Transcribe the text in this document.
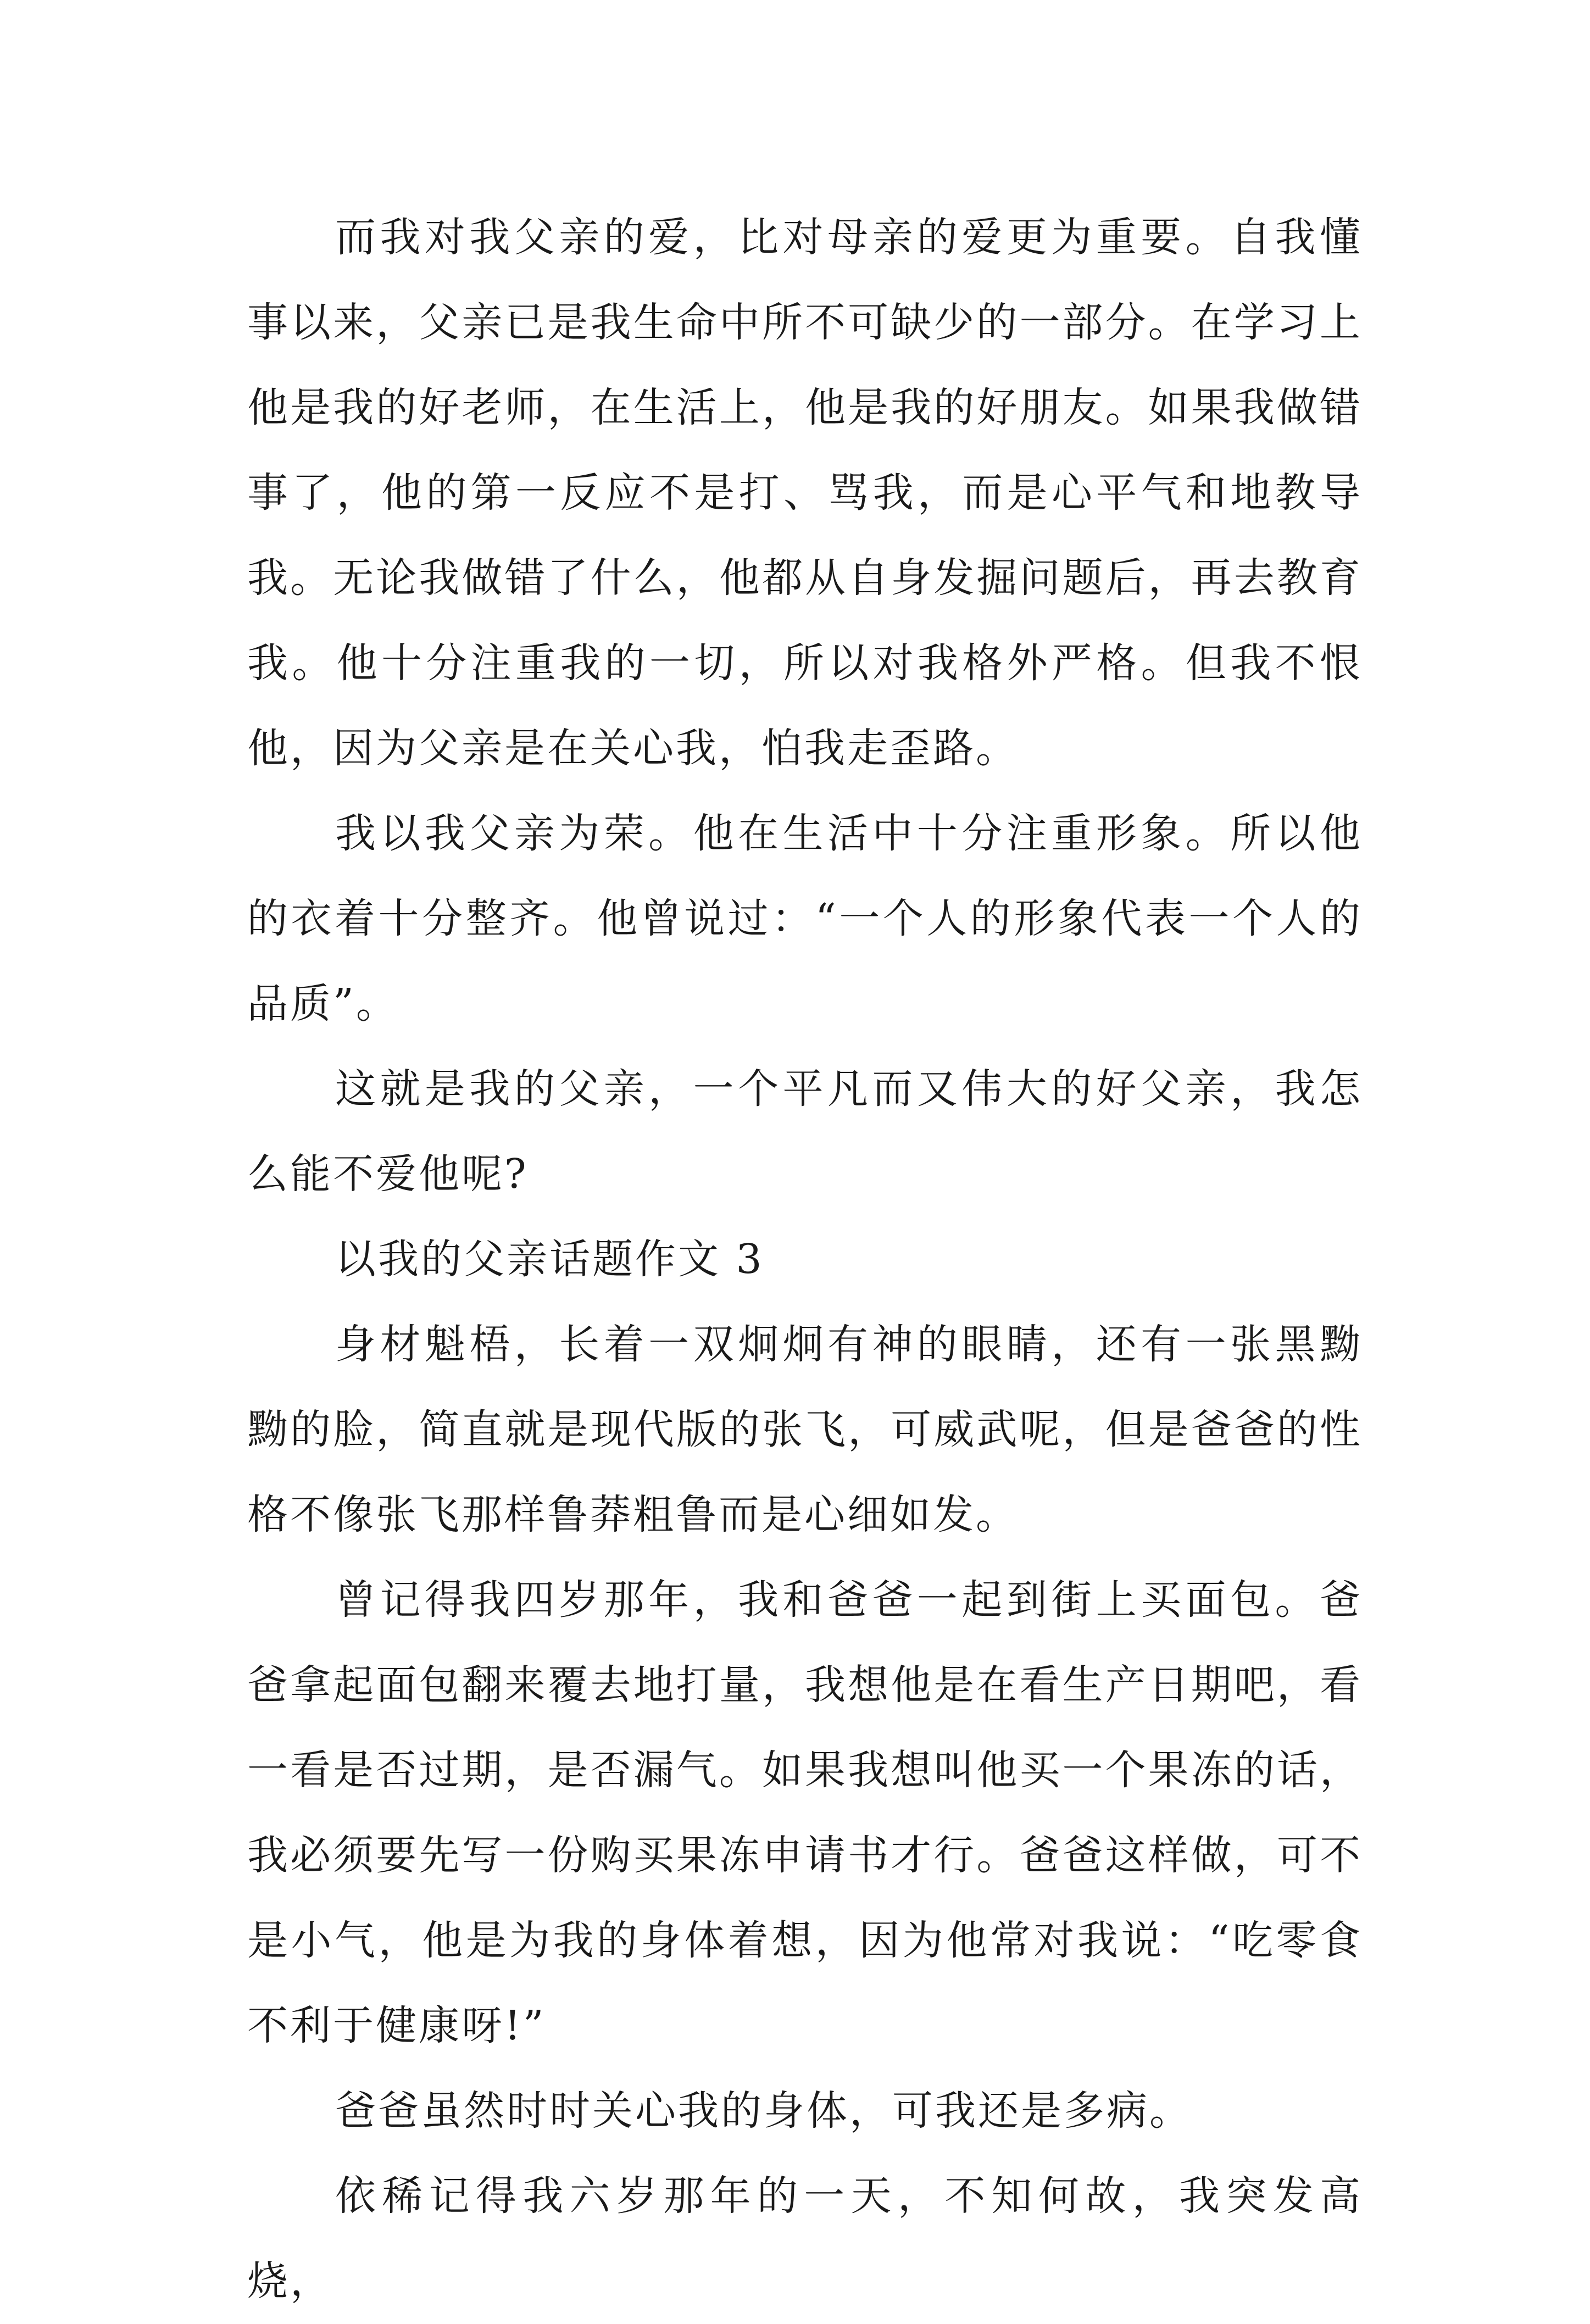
而我对我父亲的爱，比对母亲的爱更为重要。自我懂事以来，父亲已是我生命中所不可缺少的一部分。在学习上他是我的好老师，在生活上，他是我的好朋友。如果我做错事了，他的第一反应不是打、骂我，而是心平气和地教导我。无论我做错了什么，他都从自身发掘问题后，再去教育我。他十分注重我的一切，所以对我格外严格。但我不恨他，因为父亲是在关心我，怕我走歪路。

我以我父亲为荣。他在生活中十分注重形象。所以他的衣着十分整齐。他曾说过：“一个人的形象代表一个人的品质”。

这就是我的父亲，一个平凡而又伟大的好父亲，我怎么能不爱他呢?

以我的父亲话题作文 3

身材魁梧，长着一双炯炯有神的眼睛，还有一张黑黝黝的脸，简直就是现代版的张飞，可威武呢，但是爸爸的性格不像张飞那样鲁莽粗鲁而是心细如发。

曾记得我四岁那年，我和爸爸一起到街上买面包。爸爸拿起面包翻来覆去地打量，我想他是在看生产日期吧，看一看是否过期，是否漏气。如果我想叫他买一个果冻的话，我必须要先写一份购买果冻申请书才行。爸爸这样做，可不是小气，他是为我的身体着想，因为他常对我说：“吃零食不利于健康呀!”

爸爸虽然时时关心我的身体，可我还是多病。

依稀记得我六岁那年的一天，不知何故，我突发高烧，
